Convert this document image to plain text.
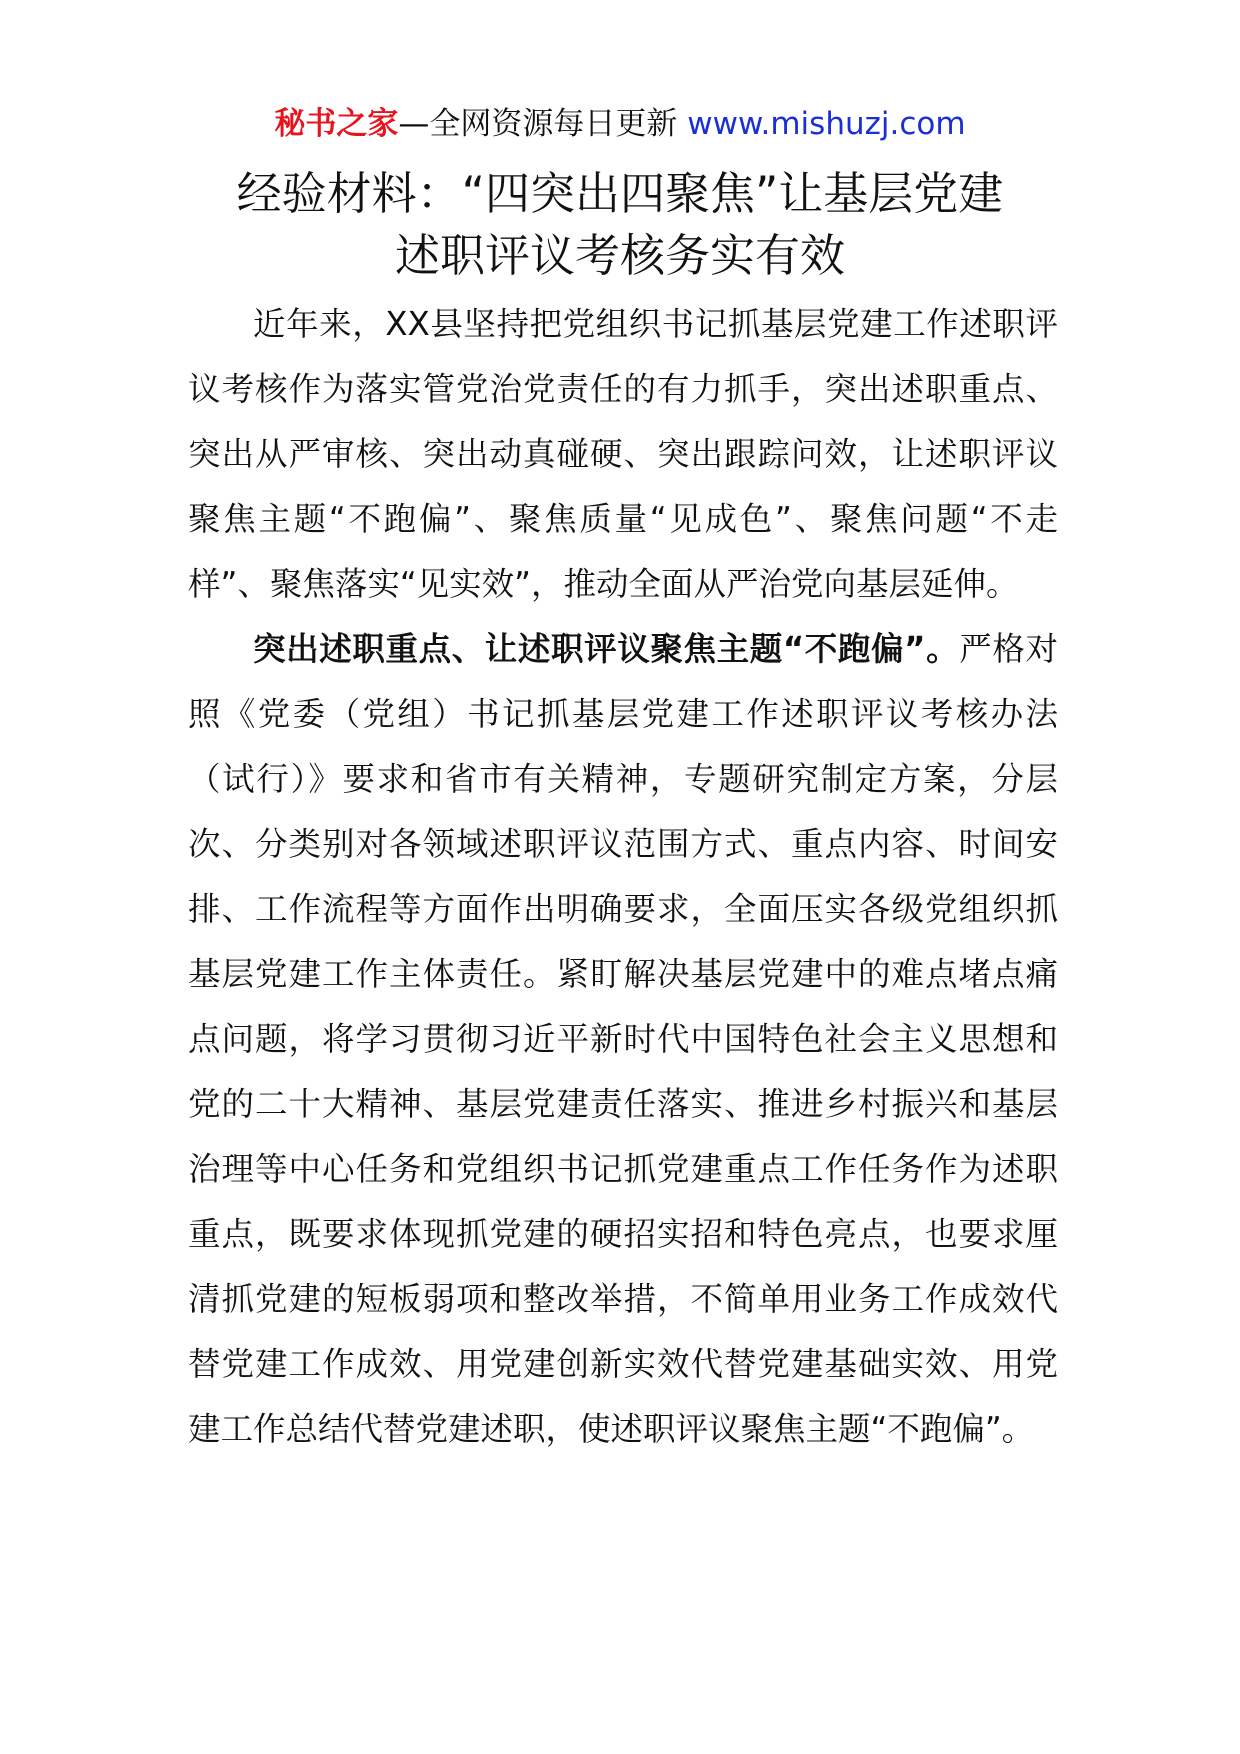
秘书之家—全网资源每日更新 www.mishuzj.com
经验材料：“四突出四聚焦”让基层党建
述职评议考核务实有效

近年来，XX县坚持把党组织书记抓基层党建工作述职评议考核作为落实管党治党责任的有力抓手，突出述职重点、突出从严审核、突出动真碰硬、突出跟踪问效，让述职评议聚焦主题“不跑偏”、聚焦质量“见成色”、聚焦问题“不走样”、聚焦落实“见实效”，推动全面从严治党向基层延伸。

突出述职重点、让述职评议聚焦主题“不跑偏”。严格对照《党委（党组）书记抓基层党建工作述职评议考核办法（试行）》要求和省市有关精神，专题研究制定方案，分层次、分类别对各领域述职评议范围方式、重点内容、时间安排、工作流程等方面作出明确要求，全面压实各级党组织抓基层党建工作主体责任。紧盯解决基层党建中的难点堵点痛点问题，将学习贯彻习近平新时代中国特色社会主义思想和党的二十大精神、基层党建责任落实、推进乡村振兴和基层治理等中心任务和党组织书记抓党建重点工作任务作为述职重点，既要求体现抓党建的硬招实招和特色亮点，也要求厘清抓党建的短板弱项和整改举措，不简单用业务工作成效代替党建工作成效、用党建创新实效代替党建基础实效、用党建工作总结代替党建述职，使述职评议聚焦主题“不跑偏”。
